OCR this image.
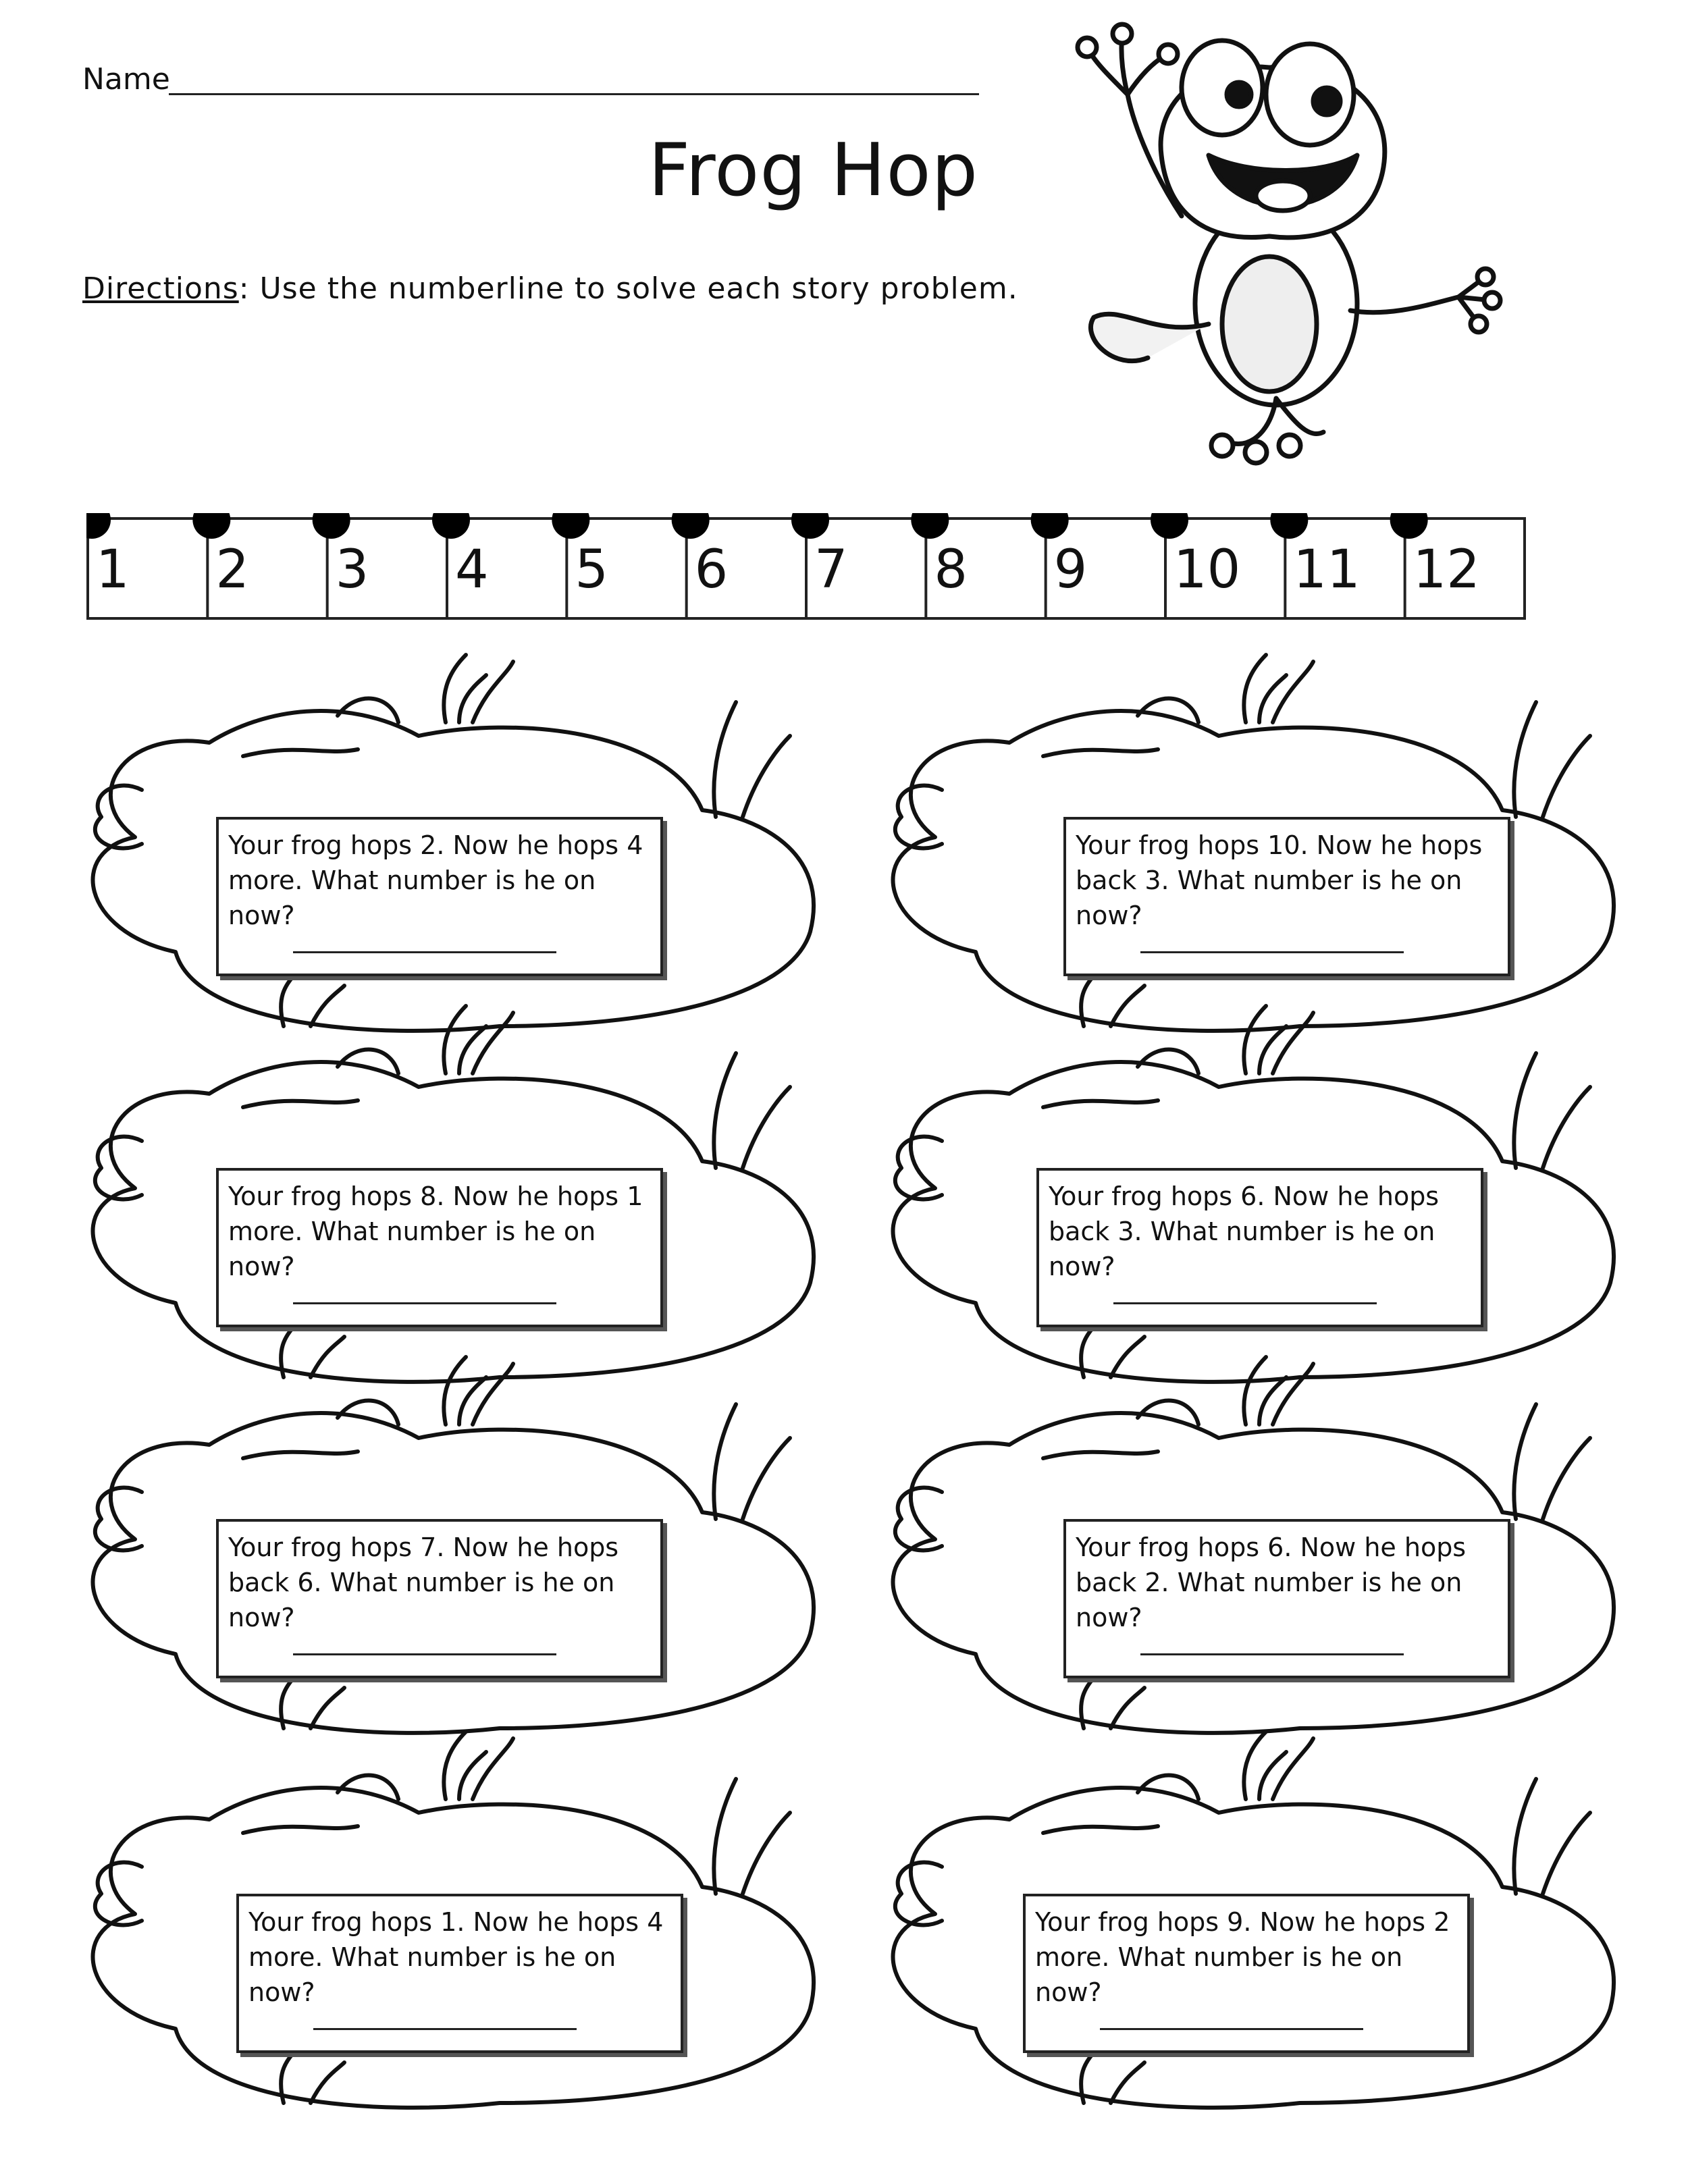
Name
Frog Hop
Directions: Use the numberline to solve each story problem.
1 2 3 4 5 6 7 8 9 10 11 12

Your frog hops 2. Now he hops 4 more. What number is he on now?

Your frog hops 10. Now he hops back 3. What number is he on now?

Your frog hops 8. Now he hops 1 more. What number is he on now?

Your frog hops 6. Now he hops back 3. What number is he on now?

Your frog hops 7. Now he hops back 6. What number is he on now?

Your frog hops 6. Now he hops back 2. What number is he on now?

Your frog hops 1. Now he hops 4 more. What number is he on now?

Your frog hops 9. Now he hops 2 more. What number is he on now?
